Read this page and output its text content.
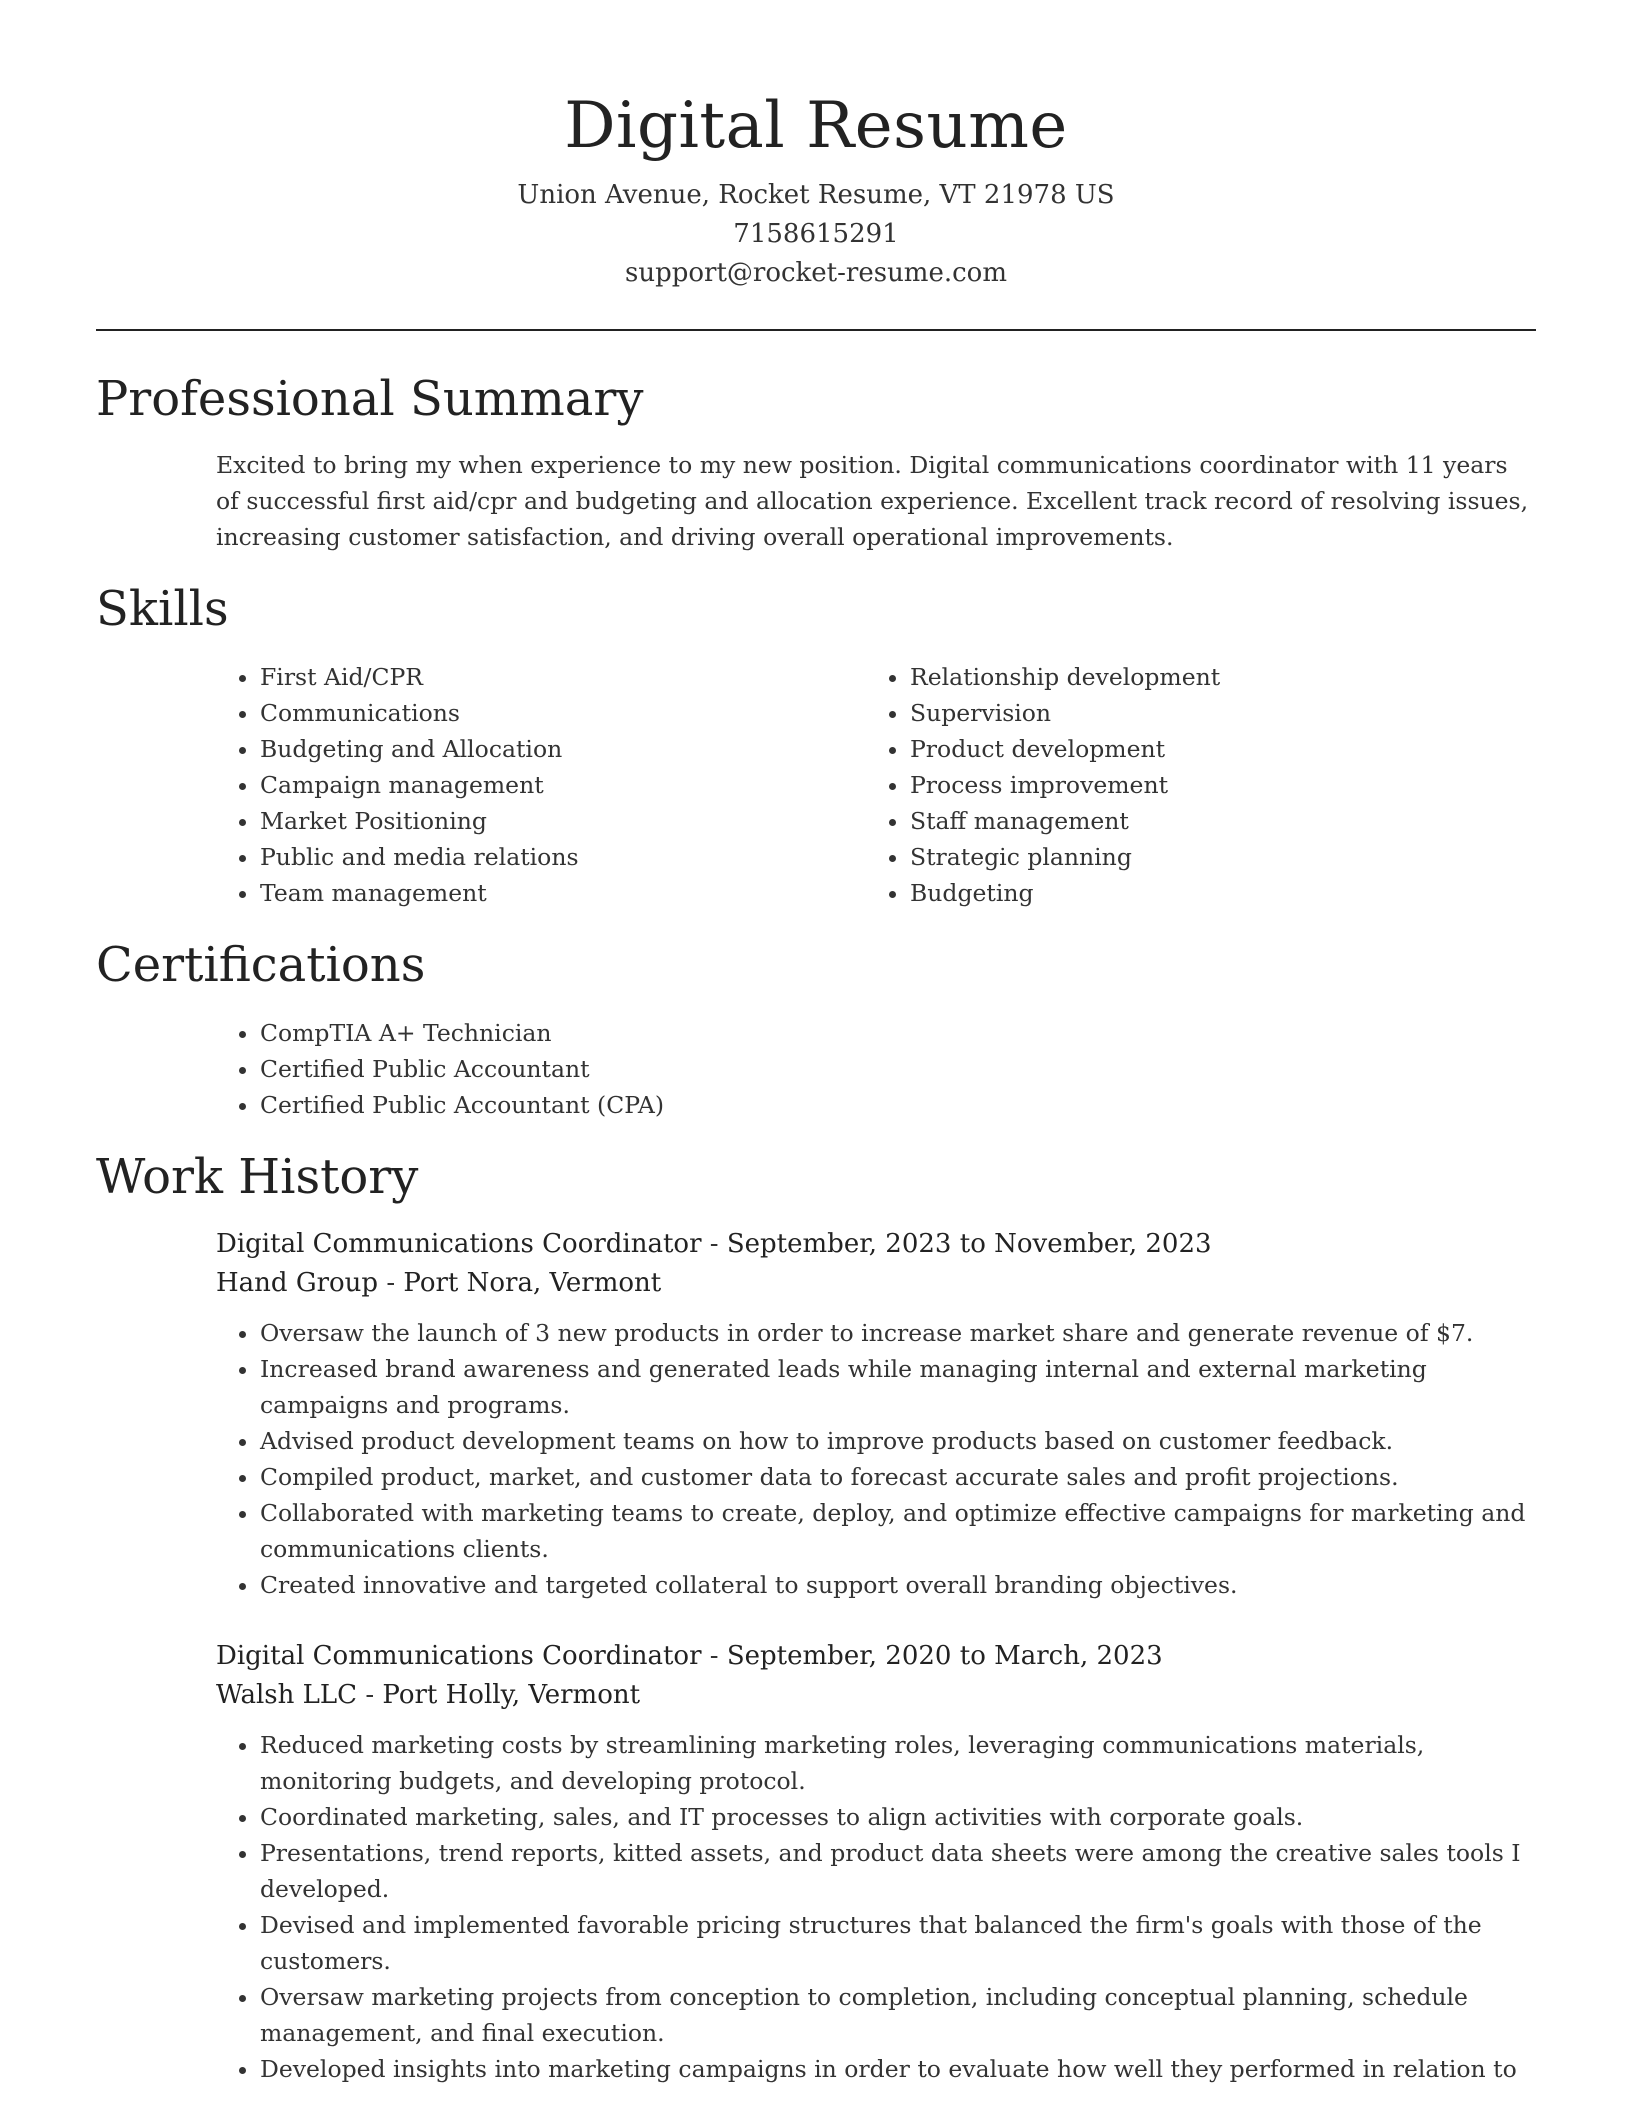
Digital Resume
Union Avenue, Rocket Resume, VT 21978 US
7158615291
support@rocket-resume.com
Professional Summary

Excited to bring my when experience to my new position. Digital communications coordinator with 11 years of successful first aid/cpr and budgeting and allocation experience. Excellent track record of resolving issues, increasing customer satisfaction, and driving overall operational improvements.

Skills
• First Aid/CPR
• Communications
• Budgeting and Allocation
• Campaign management
• Market Positioning
• Public and media relations
• Team management
• Relationship development
• Supervision
• Product development
• Process improvement
• Staff management
• Strategic planning
• Budgeting
Certifications
• CompTIA A+ Technician
• Certified Public Accountant
• Certified Public Accountant (CPA)
Work History
Digital Communications Coordinator - September, 2023 to November, 2023
Hand Group - Port Nora, Vermont
• Oversaw the launch of 3 new products in order to increase market share and generate revenue of $7.
• Increased brand awareness and generated leads while managing internal and external marketing campaigns and programs.
• Advised product development teams on how to improve products based on customer feedback.
• Compiled product, market, and customer data to forecast accurate sales and profit projections.
• Collaborated with marketing teams to create, deploy, and optimize effective campaigns for marketing and communications clients.
• Created innovative and targeted collateral to support overall branding objectives.
Digital Communications Coordinator - September, 2020 to March, 2023
Walsh LLC - Port Holly, Vermont
• Reduced marketing costs by streamlining marketing roles, leveraging communications materials, monitoring budgets, and developing protocol.
• Coordinated marketing, sales, and IT processes to align activities with corporate goals.
• Presentations, trend reports, kitted assets, and product data sheets were among the creative sales tools I developed.
• Devised and implemented favorable pricing structures that balanced the firm's goals with those of the customers.
• Oversaw marketing projects from conception to completion, including conceptual planning, schedule management, and final execution.
• Developed insights into marketing campaigns in order to evaluate how well they performed in relation to
